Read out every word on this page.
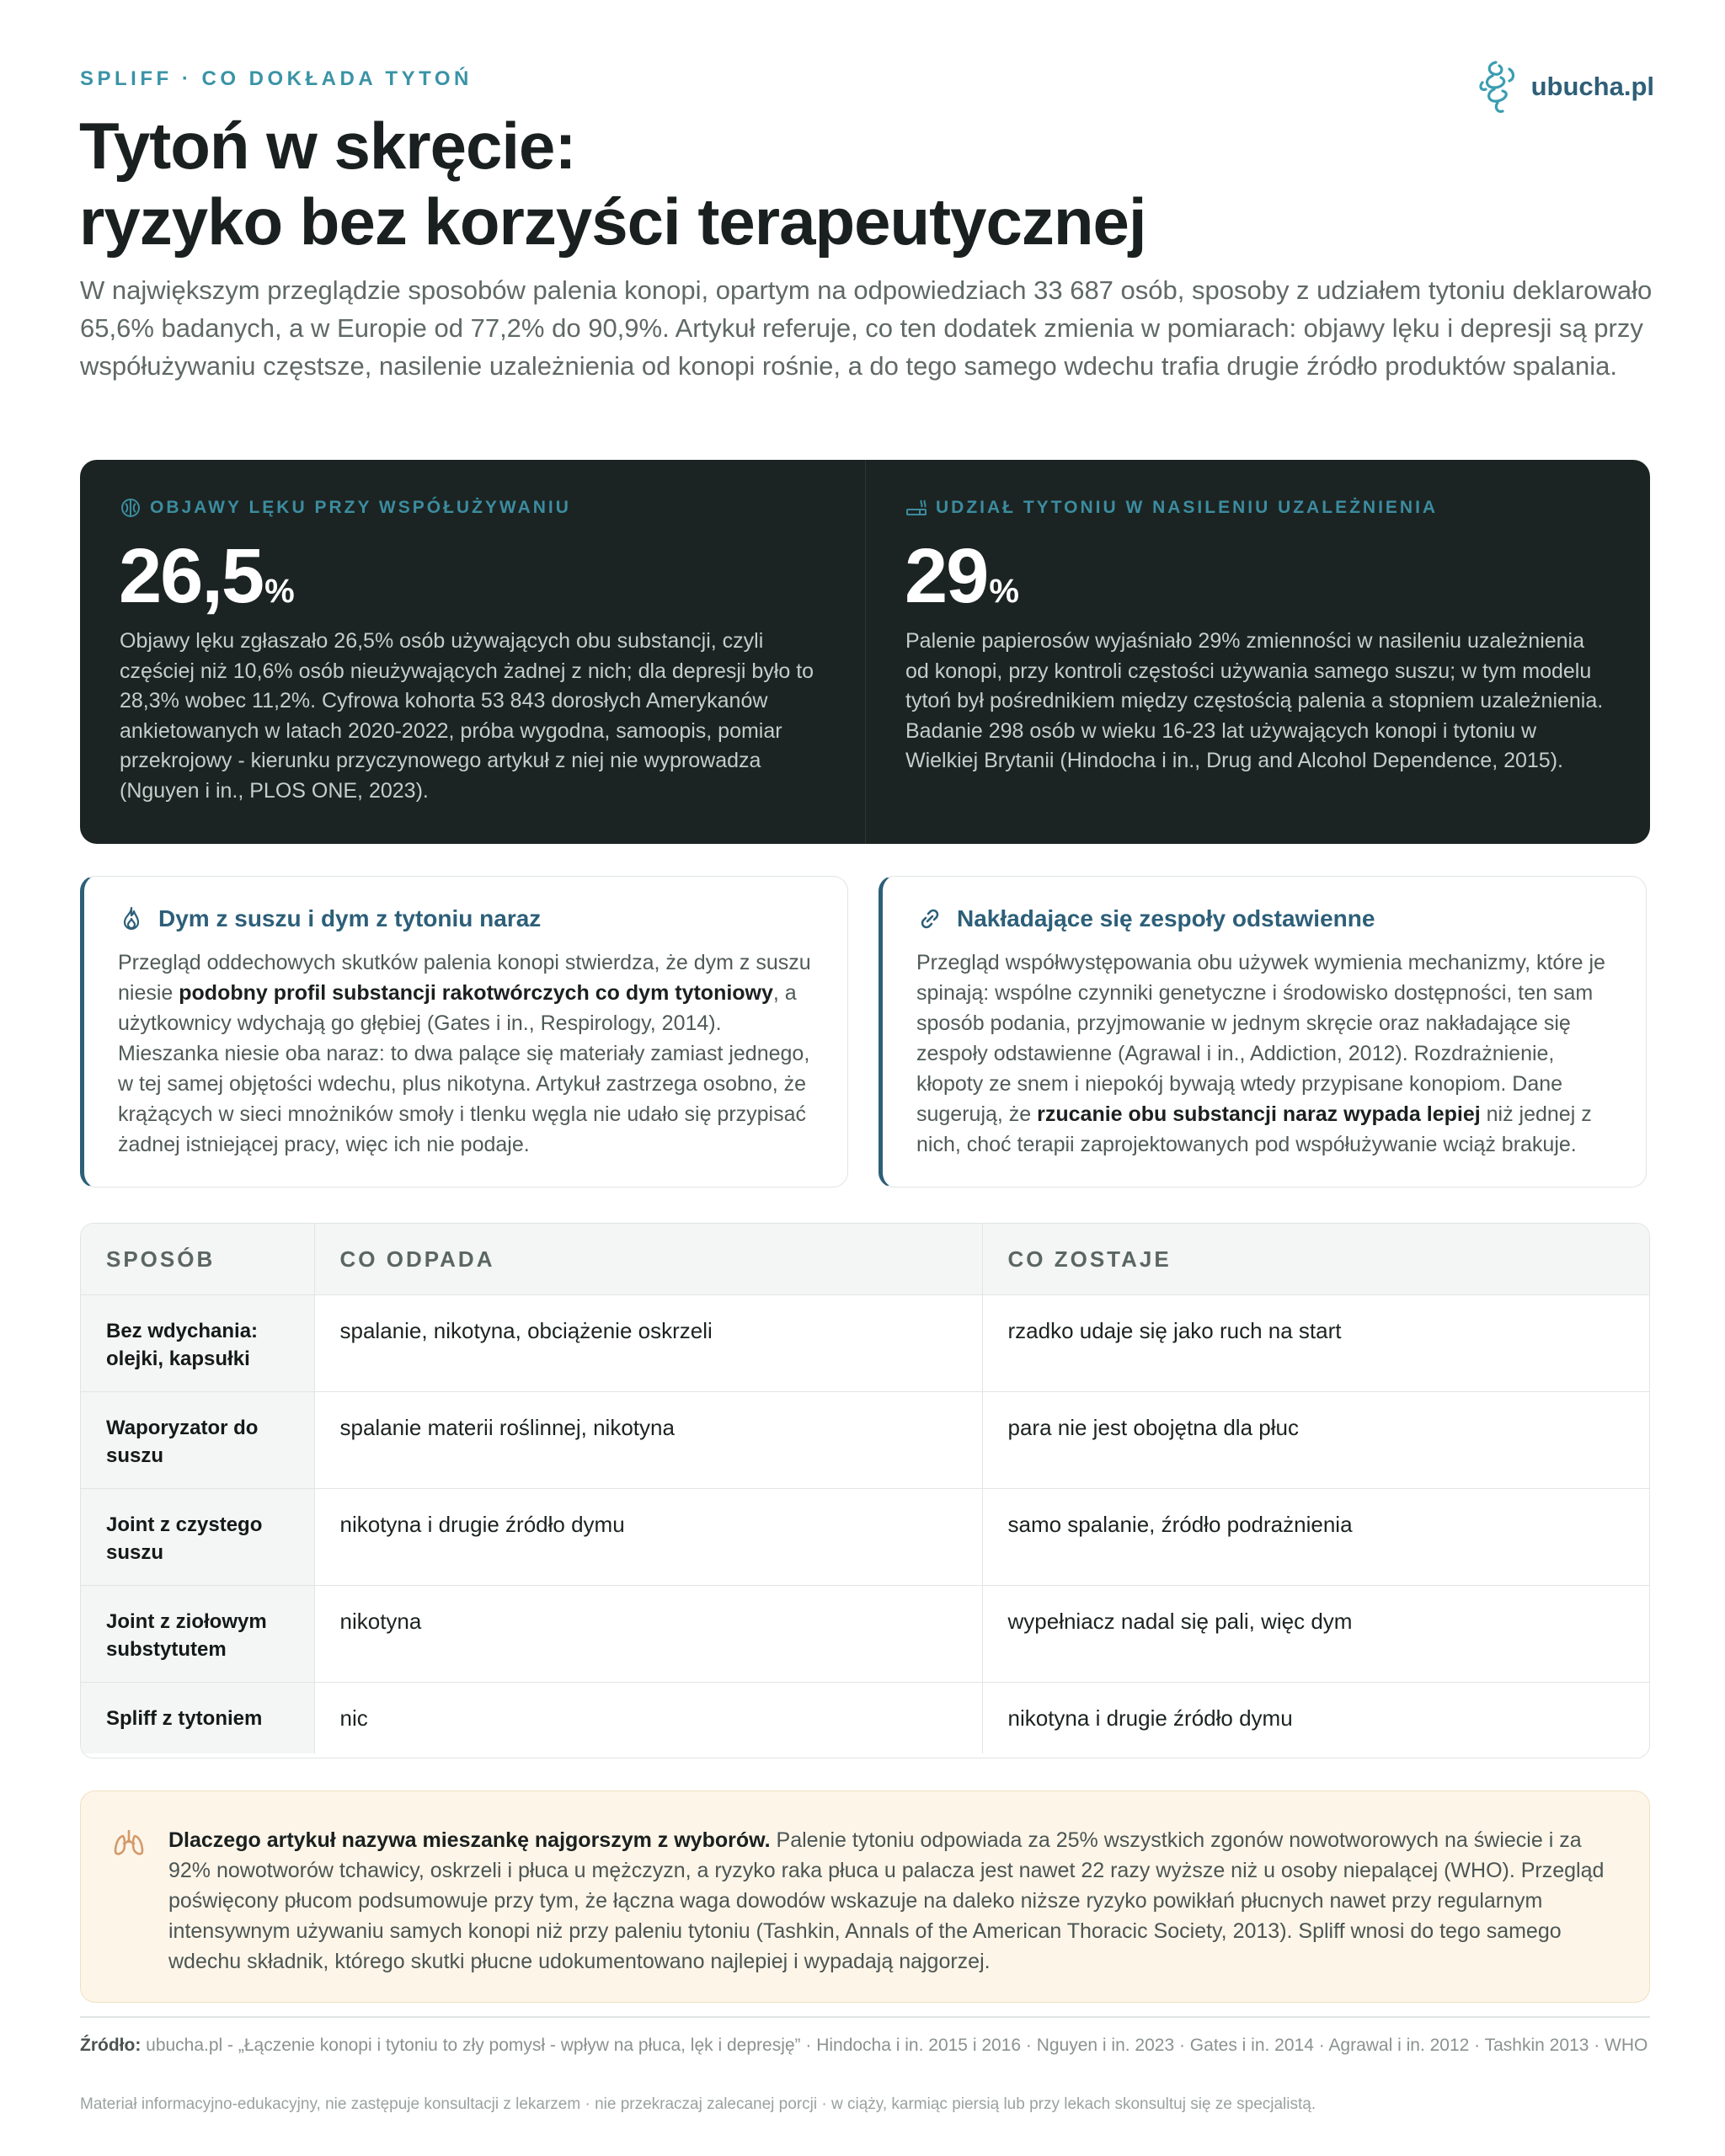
SPLIFF · CO DOKŁADA TYTOŃ	ubucha.pl
Tytoń w skręcie:
ryzyko bez korzyści terapeutycznej

W największym przeglądzie sposobów palenia konopi, opartym na odpowiedziach 33 687 osób, sposoby z udziałem tytoniu deklarowało 65,6% badanych, a w Europie od 77,2% do 90,9%. Artykuł referuje, co ten dodatek zmienia w pomiarach: objawy lęku i depresji są przy współużywaniu częstsze, nasilenie uzależnienia od konopi rośnie, a do tego samego wdechu trafia drugie źródło produktów spalania.

OBJAWY LĘKU PRZY WSPÓŁUŻYWANIU
26,5%
Objawy lęku zgłaszało 26,5% osób używających obu substancji, czyli częściej niż 10,6% osób nieużywających żadnej z nich; dla depresji było to 28,3% wobec 11,2%. Cyfrowa kohorta 53 843 dorosłych Amerykanów ankietowanych w latach 2020-2022, próba wygodna, samoopis, pomiar przekrojowy - kierunku przyczynowego artykuł z niej nie wyprowadza (Nguyen i in., PLOS ONE, 2023).
UDZIAŁ TYTONIU W NASILENIU UZALEŻNIENIA
29%
Palenie papierosów wyjaśniało 29% zmienności w nasileniu uzależnienia od konopi, przy kontroli częstości używania samego suszu; w tym modelu tytoń był pośrednikiem między częstością palenia a stopniem uzależnienia. Badanie 298 osób w wieku 16-23 lat używających konopi i tytoniu w Wielkiej Brytanii (Hindocha i in., Drug and Alcohol Dependence, 2015).
Dym z suszu i dym z tytoniu naraz
Przegląd oddechowych skutków palenia konopi stwierdza, że dym z suszu niesie podobny profil substancji rakotwórczych co dym tytoniowy, a użytkownicy wdychają go głębiej (Gates i in., Respirology, 2014). Mieszanka niesie oba naraz: to dwa palące się materiały zamiast jednego, w tej samej objętości wdechu, plus nikotyna. Artykuł zastrzega osobno, że krążących w sieci mnożników smoły i tlenku węgla nie udało się przypisać żadnej istniejącej pracy, więc ich nie podaje.
Nakładające się zespoły odstawienne
Przegląd współwystępowania obu używek wymienia mechanizmy, które je spinają: wspólne czynniki genetyczne i środowisko dostępności, ten sam sposób podania, przyjmowanie w jednym skręcie oraz nakładające się zespoły odstawienne (Agrawal i in., Addiction, 2012). Rozdrażnienie, kłopoty ze snem i niepokój bywają wtedy przypisane konopiom. Dane sugerują, że rzucanie obu substancji naraz wypada lepiej niż jednej z nich, choć terapii zaprojektowanych pod współużywanie wciąż brakuje.
SPOSÓB	CO ODPADA	CO ZOSTAJE
Bez wdychania: olejki, kapsułki	spalanie, nikotyna, obciążenie oskrzeli	rzadko udaje się jako ruch na start
Waporyzator do suszu	spalanie materii roślinnej, nikotyna	para nie jest obojętna dla płuc
Joint z czystego suszu	nikotyna i drugie źródło dymu	samo spalanie, źródło podrażnienia
Joint z ziołowym substytutem	nikotyna	wypełniacz nadal się pali, więc dym
Spliff z tytoniem	nic	nikotyna i drugie źródło dymu
Dlaczego artykuł nazywa mieszankę najgorszym z wyborów. Palenie tytoniu odpowiada za 25% wszystkich zgonów nowotworowych na świecie i za 92% nowotworów tchawicy, oskrzeli i płuca u mężczyzn, a ryzyko raka płuca u palacza jest nawet 22 razy wyższe niż u osoby niepalącej (WHO). Przegląd poświęcony płucom podsumowuje przy tym, że łączna waga dowodów wskazuje na daleko niższe ryzyko powikłań płucnych nawet przy regularnym intensywnym używaniu samych konopi niż przy paleniu tytoniu (Tashkin, Annals of the American Thoracic Society, 2013). Spliff wnosi do tego samego wdechu składnik, którego skutki płucne udokumentowano najlepiej i wypadają najgorzej.
Źródło: ubucha.pl - „Łączenie konopi i tytoniu to zły pomysł - wpływ na płuca, lęk i depresję” · Hindocha i in. 2015 i 2016 · Nguyen i in. 2023 · Gates i in. 2014 · Agrawal i in. 2012 · Tashkin 2013 · WHO
Materiał informacyjno-edukacyjny, nie zastępuje konsultacji z lekarzem · nie przekraczaj zalecanej porcji · w ciąży, karmiąc piersią lub przy lekach skonsultuj się ze specjalistą.
